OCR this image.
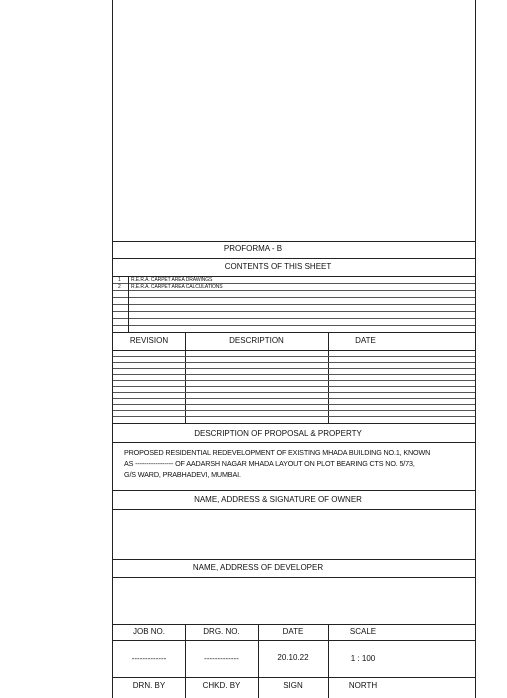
PROFORMA - B
CONTENTS OF THIS SHEET
1 R.E.R.A. CARPET AREA DRAWINGS
2 R.E.R.A. CARPET AREA CALCULATIONS
REVISION	DESCRIPTION	DATE
DESCRIPTION OF PROPOSAL & PROPERTY
PROPOSED RESIDENTIAL REDEVELOPMENT OF EXISTING MHADA BUILDING NO.1, KNOWN
AS ----------------- OF AADARSH NAGAR MHADA LAYOUT ON PLOT BEARING CTS NO. 5/73,
G/S WARD, PRABHADEVI, MUMBAI.
NAME, ADDRESS & SIGNATURE OF OWNER
NAME, ADDRESS OF DEVELOPER
JOB NO.	DRG. NO.	DATE	SCALE
-------------	-------------	20.10.22	1 : 100
DRN. BY	CHKD. BY	SIGN	NORTH
